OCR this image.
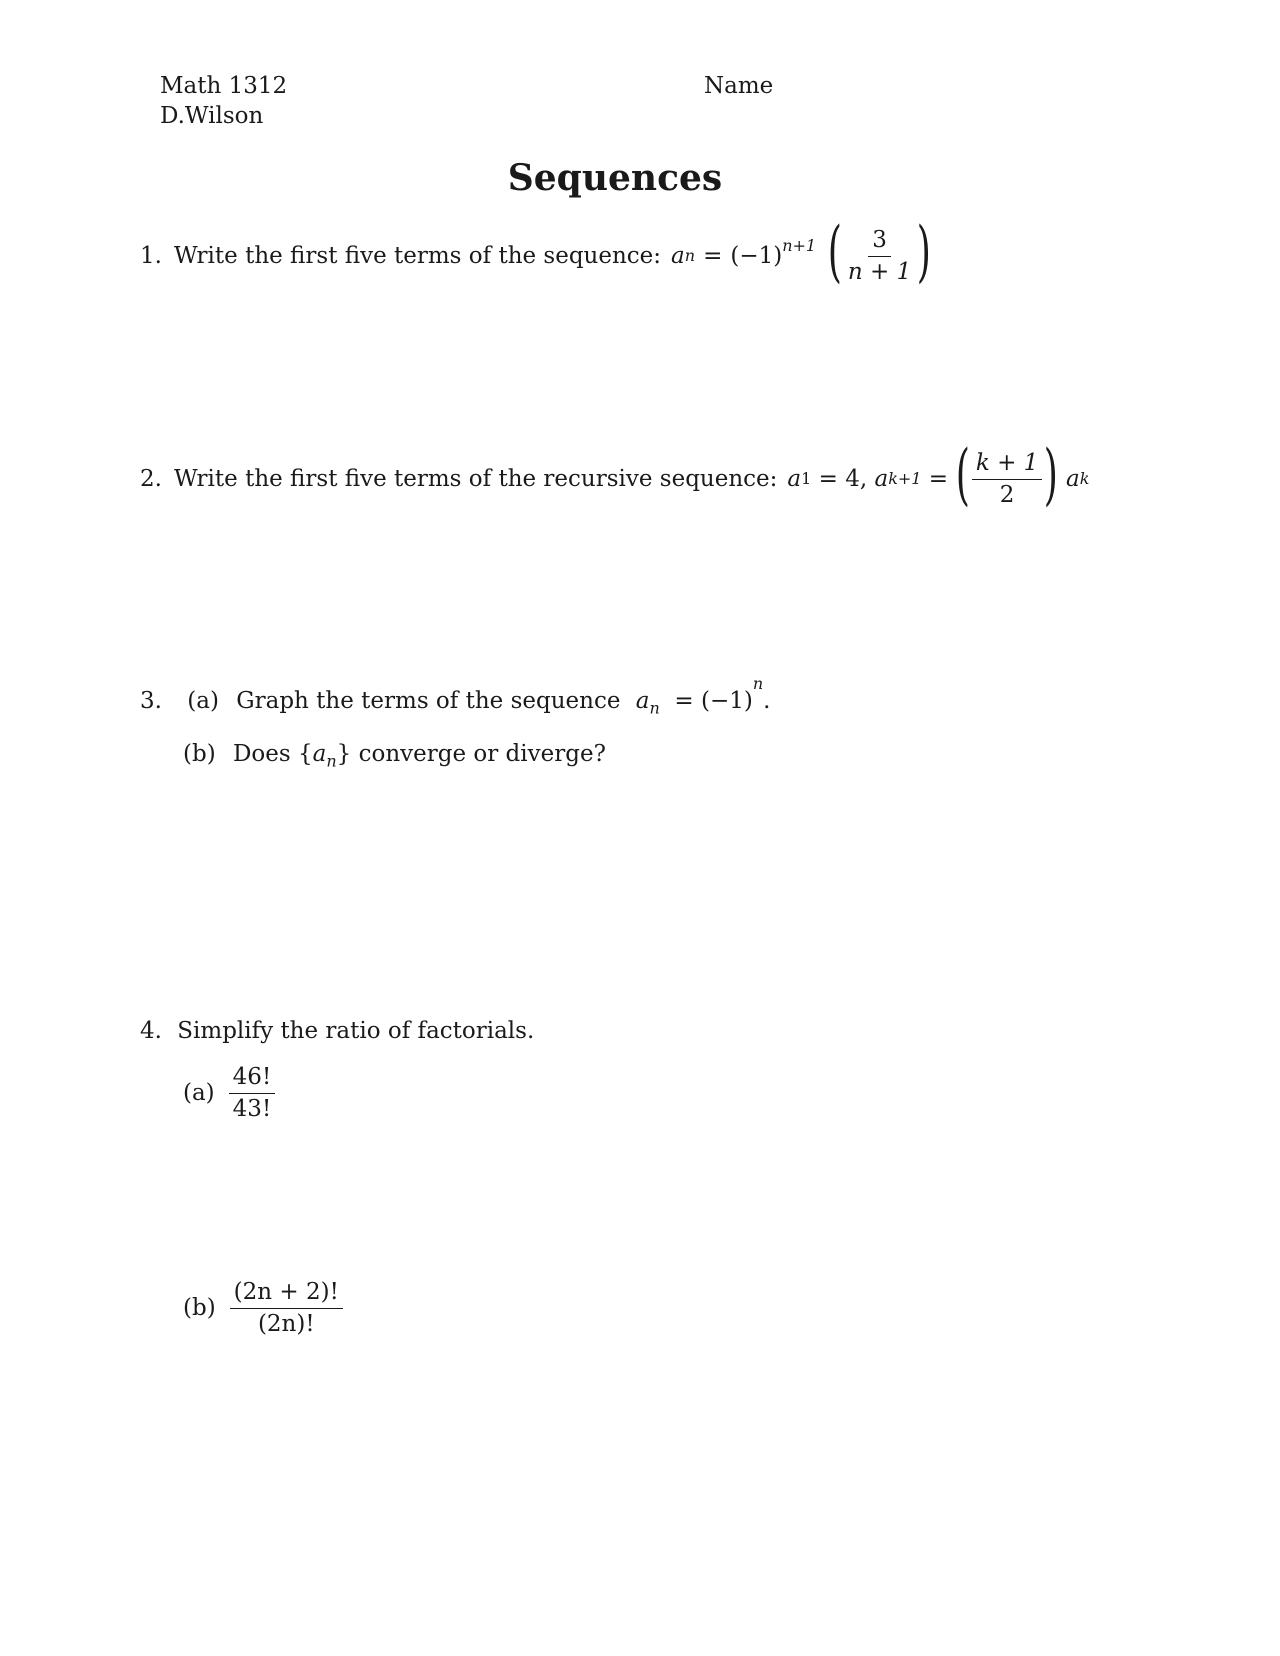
Math 1312
D.Wilson
Name
Sequences
1. Write the first five terms of the sequence: a $n = (-1)^{n+1}$ ( $\frac{3}{n + 1}$ )
2. Write the first five terms of the recursive sequence: a 1 = 4, a k+1 = ( $\frac{k + 1}{2}$ ) a k
3. (a) Graph the terms of the sequence $a_n = (-1)^n$.
(b) Does $\{a_n\}$ converge or diverge?
4. Simplify the ratio of factorials.
$(a) \frac{46!}{43!}$
$(b) \frac{(2n + 2)!}{(2n)!}$
